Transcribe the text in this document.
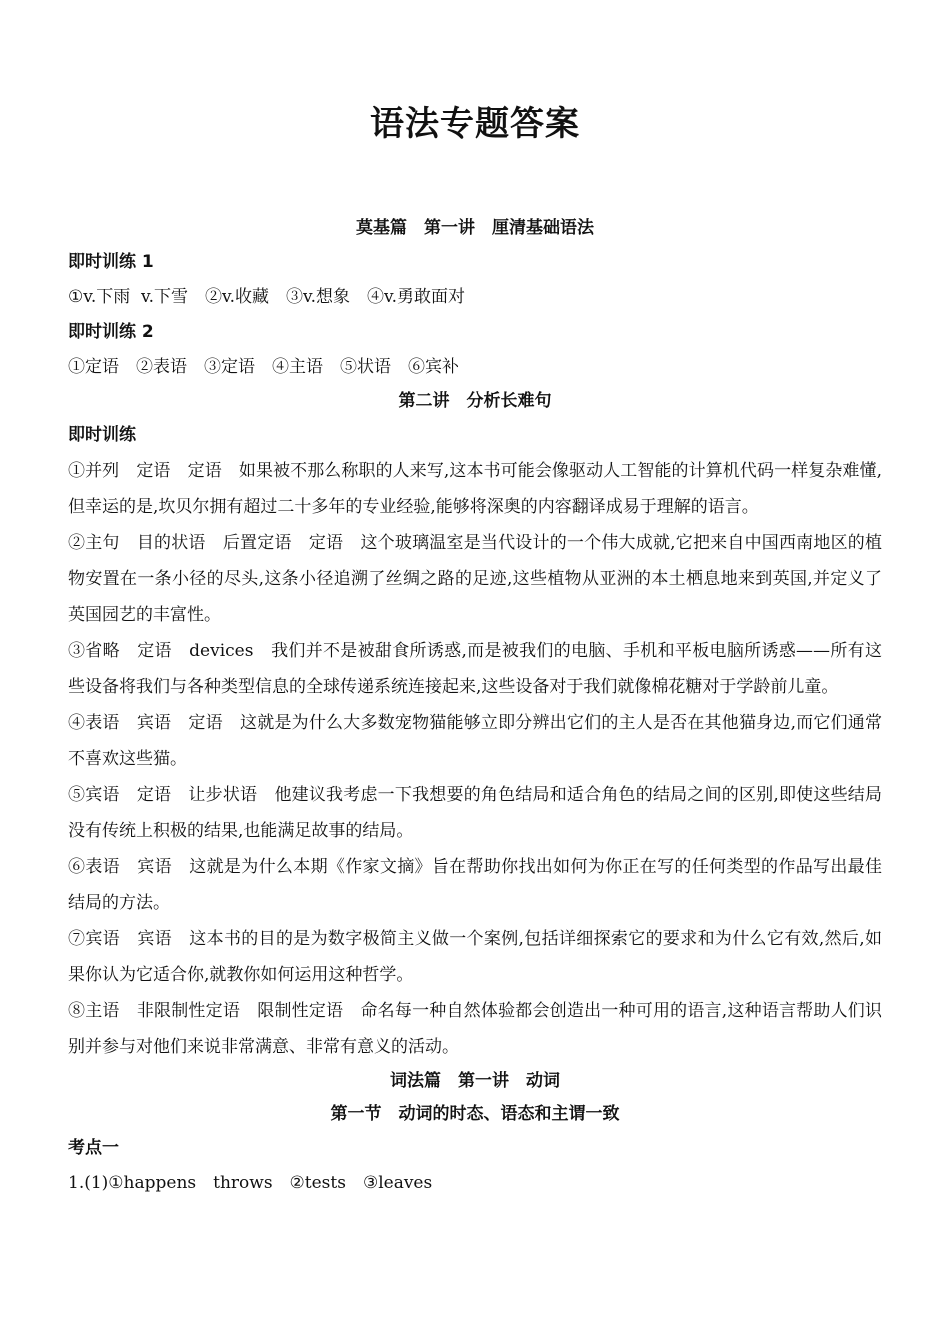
语法专题答案
莫基篇　第一讲　厘清基础语法
即时训练 1
①v.下雨  v.下雪　②v.收藏　③v.想象　④v.勇敢面对
即时训练 2
①定语　②表语　③定语　④主语　⑤状语　⑥宾补
第二讲　分析长难句
即时训练
①并列　定语　定语　如果被不那么称职的人来写,这本书可能会像驱动人工智能的计算机代码一样复杂难懂,但幸运的是,坎贝尔拥有超过二十多年的专业经验,能够将深奥的内容翻译成易于理解的语言。
②主句　目的状语　后置定语　定语　这个玻璃温室是当代设计的一个伟大成就,它把来自中国西南地区的植物安置在一条小径的尽头,这条小径追溯了丝绸之路的足迹,这些植物从亚洲的本土栖息地来到英国,并定义了英国园艺的丰富性。
③省略　定语　devices　我们并不是被甜食所诱惑,而是被我们的电脑、手机和平板电脑所诱惑——所有这些设备将我们与各种类型信息的全球传递系统连接起来,这些设备对于我们就像棉花糖对于学龄前儿童。
④表语　宾语　定语　这就是为什么大多数宠物猫能够立即分辨出它们的主人是否在其他猫身边,而它们通常不喜欢这些猫。
⑤宾语　定语　让步状语　他建议我考虑一下我想要的角色结局和适合角色的结局之间的区别,即使这些结局没有传统上积极的结果,也能满足故事的结局。
⑥表语　宾语　这就是为什么本期《作家文摘》旨在帮助你找出如何为你正在写的任何类型的作品写出最佳结局的方法。
⑦宾语　宾语　这本书的目的是为数字极简主义做一个案例,包括详细探索它的要求和为什么它有效,然后,如果你认为它适合你,就教你如何运用这种哲学。
⑧主语　非限制性定语　限制性定语　命名每一种自然体验都会创造出一种可用的语言,这种语言帮助人们识别并参与对他们来说非常满意、非常有意义的活动。
词法篇　第一讲　动词
第一节　动词的时态、语态和主谓一致
考点一
1.(1)①happens　throws　②tests　③leaves
